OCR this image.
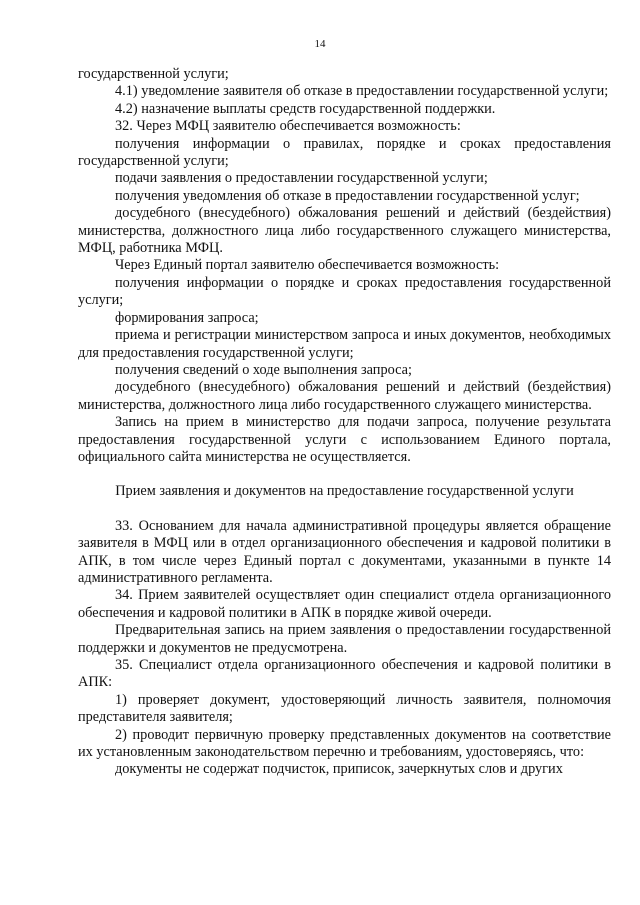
14

государственной услуги;

4.1) уведомление заявителя об отказе в предоставлении государственной услуги;

4.2) назначение выплаты средств государственной поддержки.

32. Через МФЦ заявителю обеспечивается возможность:

получения информации о правилах, порядке и сроках предоставления государственной услуги;

подачи заявления о предоставлении государственной услуги;

получения уведомления об отказе в предоставлении государственной услуг;

досудебного (внесудебного) обжалования решений и действий (бездействия) министерства, должностного лица либо государственного служащего министерства, МФЦ, работника МФЦ.

Через Единый портал заявителю обеспечивается возможность:

получения информации о порядке и сроках предоставления государственной услуги;

формирования запроса;

приема и регистрации министерством запроса и иных документов, необходимых для предоставления государственной услуги;

получения сведений о ходе выполнения запроса;

досудебного (внесудебного) обжалования решений и действий (бездействия) министерства, должностного лица либо государственного служащего министерства.

Запись на прием в министерство для подачи запроса, получение результата предоставления государственной услуги с использованием Единого портала, официального сайта министерства не осуществляется.

Прием заявления и документов на предоставление государственной услуги

33. Основанием для начала административной процедуры является обращение заявителя в МФЦ или в отдел организационного обеспечения и кадровой политики в АПК, в том числе через Единый портал с документами, указанными в пункте 14 административного регламента.

34. Прием заявителей осуществляет один специалист отдела организационного обеспечения и кадровой политики в АПК в порядке живой очереди.

Предварительная запись на прием заявления о предоставлении государственной поддержки и документов не предусмотрена.

35. Специалист отдела организационного обеспечения и кадровой политики в АПК:

1) проверяет документ, удостоверяющий личность заявителя, полномочия представителя заявителя;

2) проводит первичную проверку представленных документов на соответствие их установленным законодательством перечню и требованиям, удостоверяясь, что:

документы не содержат подчисток, приписок, зачеркнутых слов и других
